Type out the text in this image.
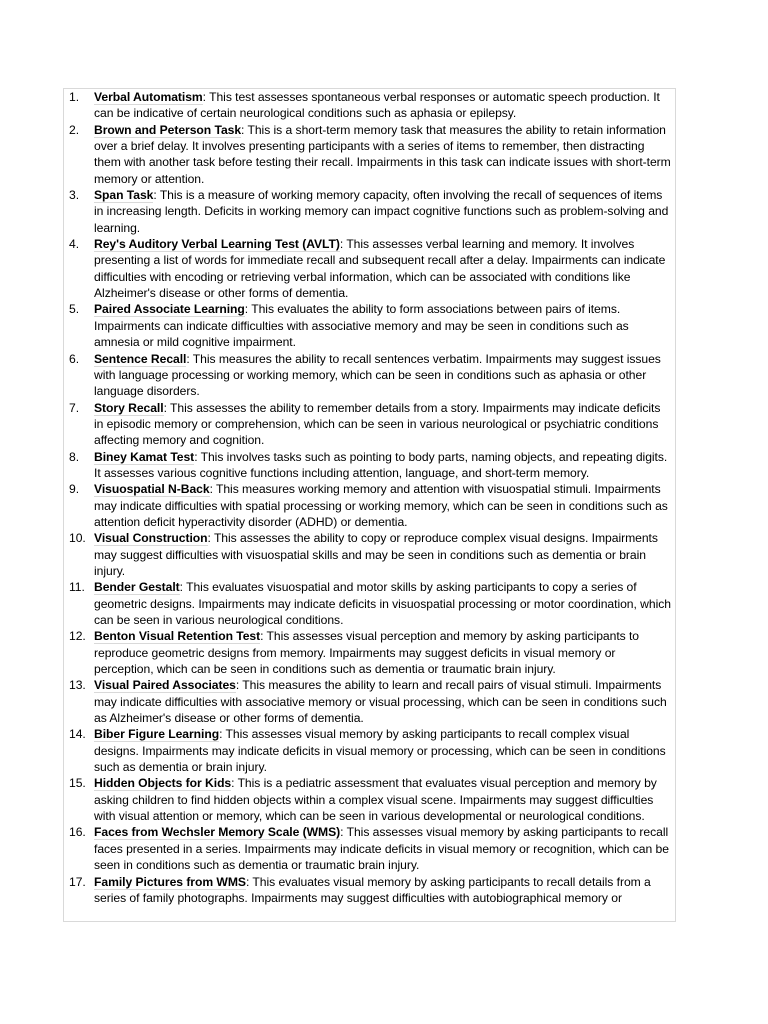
1.	Verbal Automatism: This test assesses spontaneous verbal responses or automatic speech production. It can be indicative of certain neurological conditions such as aphasia or epilepsy.
2.	Brown and Peterson Task: This is a short-term memory task that measures the ability to retain information over a brief delay. It involves presenting participants with a series of items to remember, then distracting them with another task before testing their recall. Impairments in this task can indicate issues with short-term memory or attention.
3.	Span Task: This is a measure of working memory capacity, often involving the recall of sequences of items in increasing length. Deficits in working memory can impact cognitive functions such as problem-solving and learning.
4.	Rey's Auditory Verbal Learning Test (AVLT): This assesses verbal learning and memory. It involves presenting a list of words for immediate recall and subsequent recall after a delay. Impairments can indicate difficulties with encoding or retrieving verbal information, which can be associated with conditions like Alzheimer's disease or other forms of dementia.
5.	Paired Associate Learning: This evaluates the ability to form associations between pairs of items. Impairments can indicate difficulties with associative memory and may be seen in conditions such as amnesia or mild cognitive impairment.
6.	Sentence Recall: This measures the ability to recall sentences verbatim. Impairments may suggest issues with language processing or working memory, which can be seen in conditions such as aphasia or other language disorders.
7.	Story Recall: This assesses the ability to remember details from a story. Impairments may indicate deficits in episodic memory or comprehension, which can be seen in various neurological or psychiatric conditions affecting memory and cognition.
8.	Biney Kamat Test: This involves tasks such as pointing to body parts, naming objects, and repeating digits. It assesses various cognitive functions including attention, language, and short-term memory.
9.	Visuospatial N-Back: This measures working memory and attention with visuospatial stimuli. Impairments may indicate difficulties with spatial processing or working memory, which can be seen in conditions such as attention deficit hyperactivity disorder (ADHD) or dementia.
10. Visual Construction: This assesses the ability to copy or reproduce complex visual designs. Impairments may suggest difficulties with visuospatial skills and may be seen in conditions such as dementia or brain injury.
11. Bender Gestalt: This evaluates visuospatial and motor skills by asking participants to copy a series of geometric designs. Impairments may indicate deficits in visuospatial processing or motor coordination, which can be seen in various neurological conditions.
12. Benton Visual Retention Test: This assesses visual perception and memory by asking participants to reproduce geometric designs from memory. Impairments may suggest deficits in visual memory or perception, which can be seen in conditions such as dementia or traumatic brain injury.
13. Visual Paired Associates: This measures the ability to learn and recall pairs of visual stimuli. Impairments may indicate difficulties with associative memory or visual processing, which can be seen in conditions such as Alzheimer's disease or other forms of dementia.
14. Biber Figure Learning: This assesses visual memory by asking participants to recall complex visual designs. Impairments may indicate deficits in visual memory or processing, which can be seen in conditions such as dementia or brain injury.
15. Hidden Objects for Kids: This is a pediatric assessment that evaluates visual perception and memory by asking children to find hidden objects within a complex visual scene. Impairments may suggest difficulties with visual attention or memory, which can be seen in various developmental or neurological conditions.
16. Faces from Wechsler Memory Scale (WMS): This assesses visual memory by asking participants to recall faces presented in a series. Impairments may indicate deficits in visual memory or recognition, which can be seen in conditions such as dementia or traumatic brain injury.
17. Family Pictures from WMS: This evaluates visual memory by asking participants to recall details from a series of family photographs. Impairments may suggest difficulties with autobiographical memory or
